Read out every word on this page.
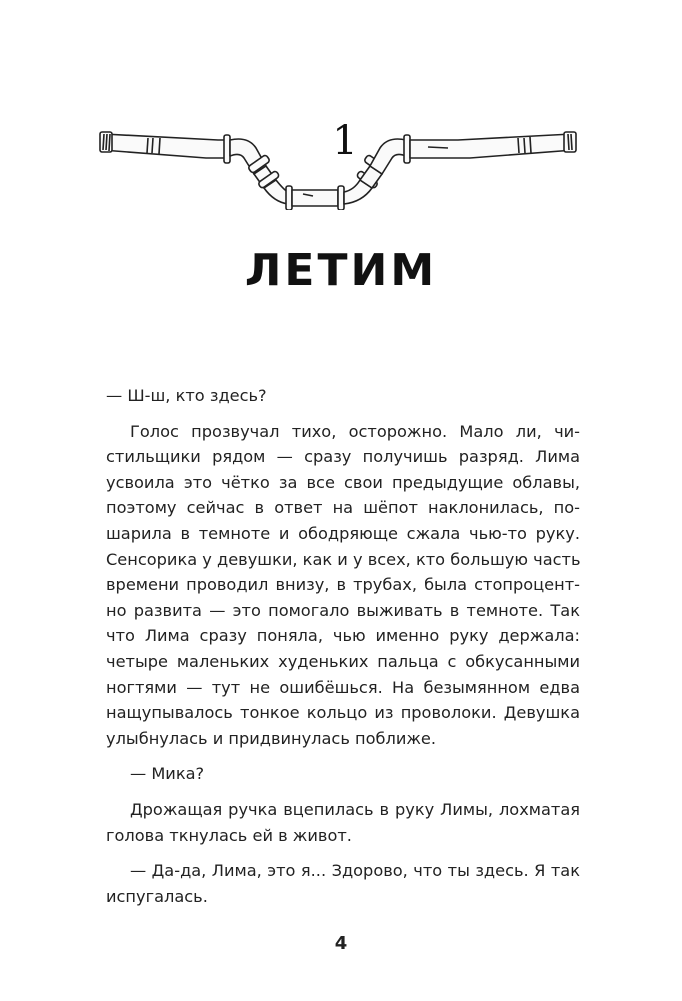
1
ЛЕТИМ

— Ш-ш, кто здесь?

Голос прозвучал тихо, осторожно. Мало ли, чи-
стильщики рядом — сразу получишь разряд. Лима
усвоила это чётко за все свои предыдущие облавы,
поэтому сейчас в ответ на шёпот наклонилась, по-
шарила в темноте и ободряюще сжала чью-то руку.
Сенсорика у девушки, как и у всех, кто большую часть
времени проводил внизу, в трубах, была стопроцент-
но развита — это помогало выживать в темноте. Так
что Лима сразу поняла, чью именно руку держала:
четыре маленьких худеньких пальца с обкусанными
ногтями — тут не ошибёшься. На безымянном едва
нащупывалось тонкое кольцо из проволоки. Девушка
улыбнулась и придвинулась поближе.

— Мика?

Дрожащая ручка вцепилась в руку Лимы, лохматая
голова ткнулась ей в живот.

— Да-да, Лима, это я... Здорово, что ты здесь. Я так
испугалась.

4
